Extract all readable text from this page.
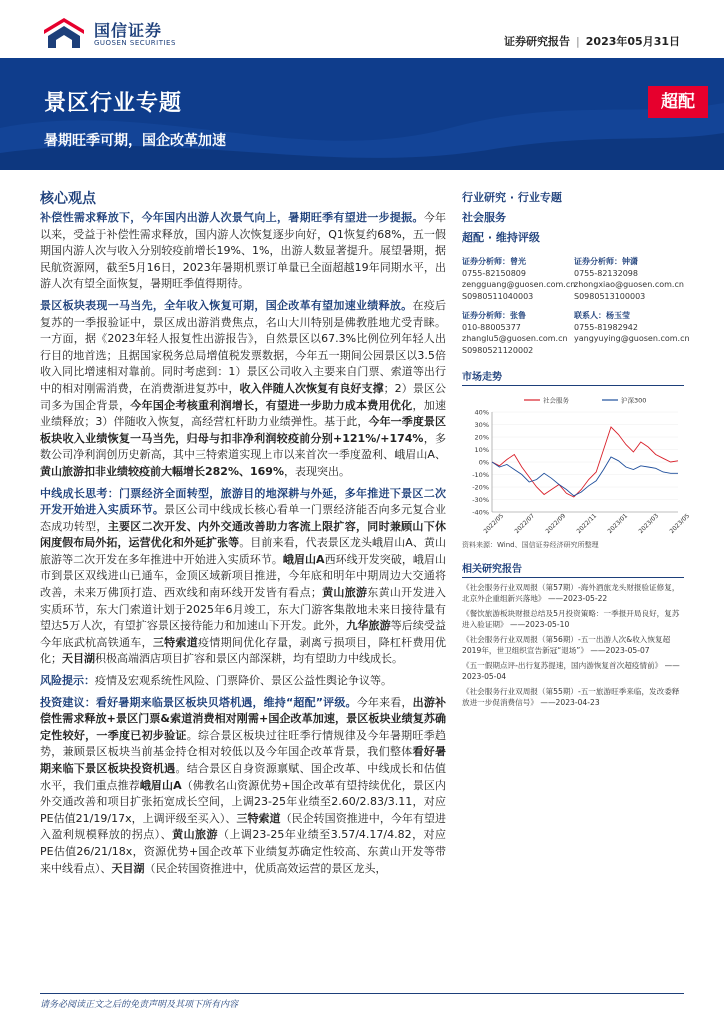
国信证券
GUOSEN SECURITIES	证券研究报告 | 2023年05月31日
景区行业专题
暑期旺季可期，国企改革加速
超配
核心观点

补偿性需求释放下，今年国内出游人次景气向上，暑期旺季有望进一步提振。今年以来，受益于补偿性需求释放，国内游人次恢复逐步向好，Q1恢复约68%，五一假期国内游人次与收入分别较疫前增长19%、1%，出游人数显著提升。展望暑期，据民航资源网，截至5月16日，2023年暑期机票订单量已全面超越19年同期水平，出游人次有望全面恢复，暑期旺季值得期待。

景区板块表现一马当先，全年收入恢复可期，国企改革有望加速业绩释放。在疫后复苏的一季报验证中，景区成出游消费焦点，名山大川特别是佛教胜地尤受青睐。一方面，据《2023年轻人报复性出游报告》，自然景区以67.3%比例位列年轻人出行目的地首选；且据国家税务总局增值税发票数据，今年五一期间公园景区以3.5倍收入同比增速相对靠前。同时考虑到：1）景区公司收入主要来自门票、索道等出行中的相对刚需消费，在消费渐进复苏中，收入伴随人次恢复有良好支撑；2）景区公司多为国企背景，今年国企考核重利润增长，有望进一步助力成本费用优化，加速业绩释放；3）伴随收入恢复，高经营杠杆助力业绩弹性。基于此，今年一季度景区板块收入业绩恢复一马当先，归母与扣非净利润较疫前分别+121%/+174%，多数公司净利润创历史新高，其中三特索道实现上市以来首次一季度盈利、峨眉山A、黄山旅游扣非业绩较疫前大幅增长282%、169%，表现突出。

中线成长思考：门票经济全面转型，旅游目的地深耕与外延，多年推进下景区二次开发开始进入实质环节。景区公司中线成长核心看单一门票经济能否向多元复合业态成功转型，主要区二次开发、内外交通改善助力客流上限扩容，同时兼顾山下休闲度假布局外拓，运营优化和外延扩张等。目前来看，代表景区龙头峨眉山A、黄山旅游等二次开发在多年推进中开始进入实质环节。峨眉山A西环线开发突破，峨眉山市到景区双线进山已通车，金顶区域新项目推进，今年底和明年中期周边大交通将改善，未来万佛顶打造、西欢线和南环线开发皆有看点；黄山旅游东黄山开发进入实质环节，东大门索道计划于2025年6月竣工，东大门游客集散地未来日接待量有望达5万人次，有望扩容景区接待能力和加速山下开发。此外，九华旅游等后续受益今年底武杭高铁通车，三特索道疫情期间优化存量，剥离亏损项目，降杠杆费用优化；天目湖积极高端酒店项目扩容和景区内部深耕，均有望助力中线成长。

风险提示：疫情及宏观系统性风险、门票降价、景区公益性舆论争议等。

投资建议：看好暑期来临景区板块贝塔机遇，维持“超配”评级。今年来看，出游补偿性需求释放+景区门票&索道消费相对刚需+国企改革加速，景区板块业绩复苏确定性较好，一季度已初步验证。综合景区板块过往旺季行情规律及今年暑期旺季趋势，兼顾景区板块当前基金持仓相对较低以及今年国企改革背景，我们整体看好暑期来临下景区板块投资机遇。结合景区自身资源禀赋、国企改革、中线成长和估值水平，我们重点推荐峨眉山A（佛教名山资源优势+国企改革有望持续优化，景区内外交通改善和项目扩张拓宽成长空间，上调23-25年业绩至2.60/2.83/3.11，对应PE估值21/19/17x，上调评级至买入）、三特索道（民企转国资推进中，今年有望进入盈利规模释放的拐点）、黄山旅游（上调23-25年业绩至3.57/4.17/4.82，对应PE估值26/21/18x，资源优势+国企改革下业绩复苏确定性较高、东黄山开发等带来中线看点）、天目湖（民企转国资推进中，优质高效运营的景区龙头，

行业研究 · 行业专题
社会服务
超配 · 维持评级
证券分析师：曾光
0755-82150809
zengguang@guosen.com.cn
S0980511040003
证券分析师：钟潇
0755-82132098
zhongxiao@guosen.com.cn
S0980513100003
证券分析师：张鲁
010-88005377
zhanglu5@guosen.com.cn
S0980521120002
联系人：杨玉莹
0755-81982942
yangyuying@guosen.com.cn
市场走势
40%
30%
20%
10%
0%
-10%
-20%
-30%
-40%
2022/05 2022/07 2022/09 2022/11 2023/01 2023/03 2023/05
社会服务	沪深300
资料来源：Wind、国信证券经济研究所整理
相关研究报告
《社会服务行业双周报（第57期）-海外酒旅龙头财报验证修复，北京外企重组新兴落地》 ——2023-05-22
《餐饮旅游板块财报总结及5月投资策略：一季报开局良好，复苏进入验证期》 ——2023-05-10
《社会服务行业双周报（第56期）-五一出游人次&收入恢复超2019年，世卫组织宣告新冠“退场”》 ——2023-05-07
《五一假期点评-出行复苏提速，国内游恢复首次超疫情前》 ——2023-05-04
《社会服务行业双周报（第55期）-五一旅游旺季来临，发改委释放进一步促消费信号》 ——2023-04-23
请务必阅读正文之后的免责声明及其项下所有内容
